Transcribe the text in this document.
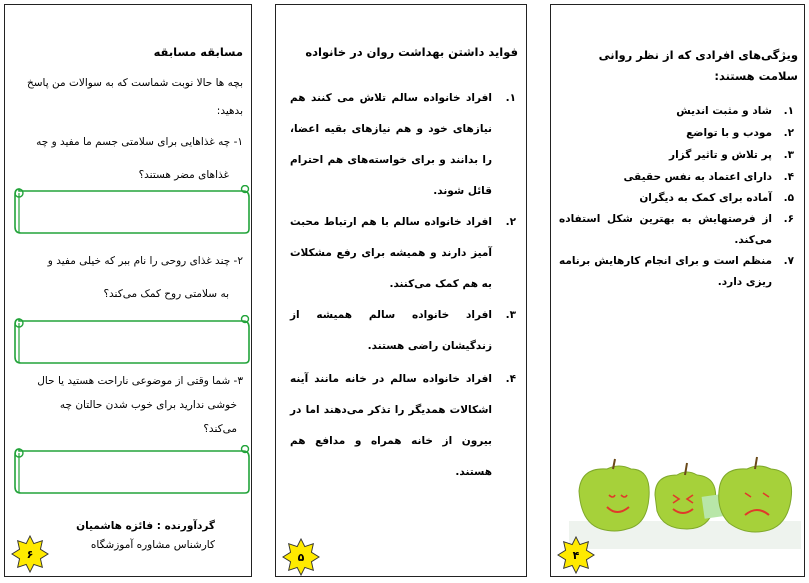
مسابقه مسابقه
بچه ها حالا نوبت شماست که به سوالات من پاسخ
بدهید:
۱- چه غذاهایی برای سلامتی جسم ما مفید و چه
غذاهای مضر هستند؟
۲- چند غذای روحی را نام ببر که خیلی مفید و
به سلامتی روح کمک می‌کند؟
۳- شما وقتی از موضوعی ناراحت هستید یا حال
خوشی ندارید برای خوب شدن حالتان چه
می‌کند؟
گردآورنده : فائزه هاشمیان
کارشناس مشاوره آموزشگاه
۶
فواید داشتن بهداشت روان در خانواده
۱.
افراد خانواده سالم تلاش می کنند هم نیازهای خود و هم نیازهای بقیه اعضا، را بدانند و برای خواسته‌های هم احترام قائل شوند.
۲.
افراد خانواده سالم با هم ارتباط محبت آمیز دارند و همیشه برای رفع مشکلات به هم کمک می‌کنند.
۳.
افراد خانواده سالم همیشه از زندگیشان راضی هستند.
۴.
افراد خانواده سالم در خانه مانند آینه اشکالات همدیگر را تذکر می‌دهند اما در بیرون از خانه همراه و مدافع هم هستند.
۵
ویژگی‌های افرادی که از نظر روانی سلامت هستند:
۱.
شاد و مثبت اندیش
۲.
مودب و با تواضع
۳.
پر تلاش و تاثیر گزار
۴.
دارای اعتماد به نفس حقیقی
۵.
آماده برای کمک به دیگران
۶.
از فرصتهایش به بهترین شکل استفاده می‌کند.
۷.
منظم است و برای انجام کارهایش برنامه ریزی دارد.
۴
